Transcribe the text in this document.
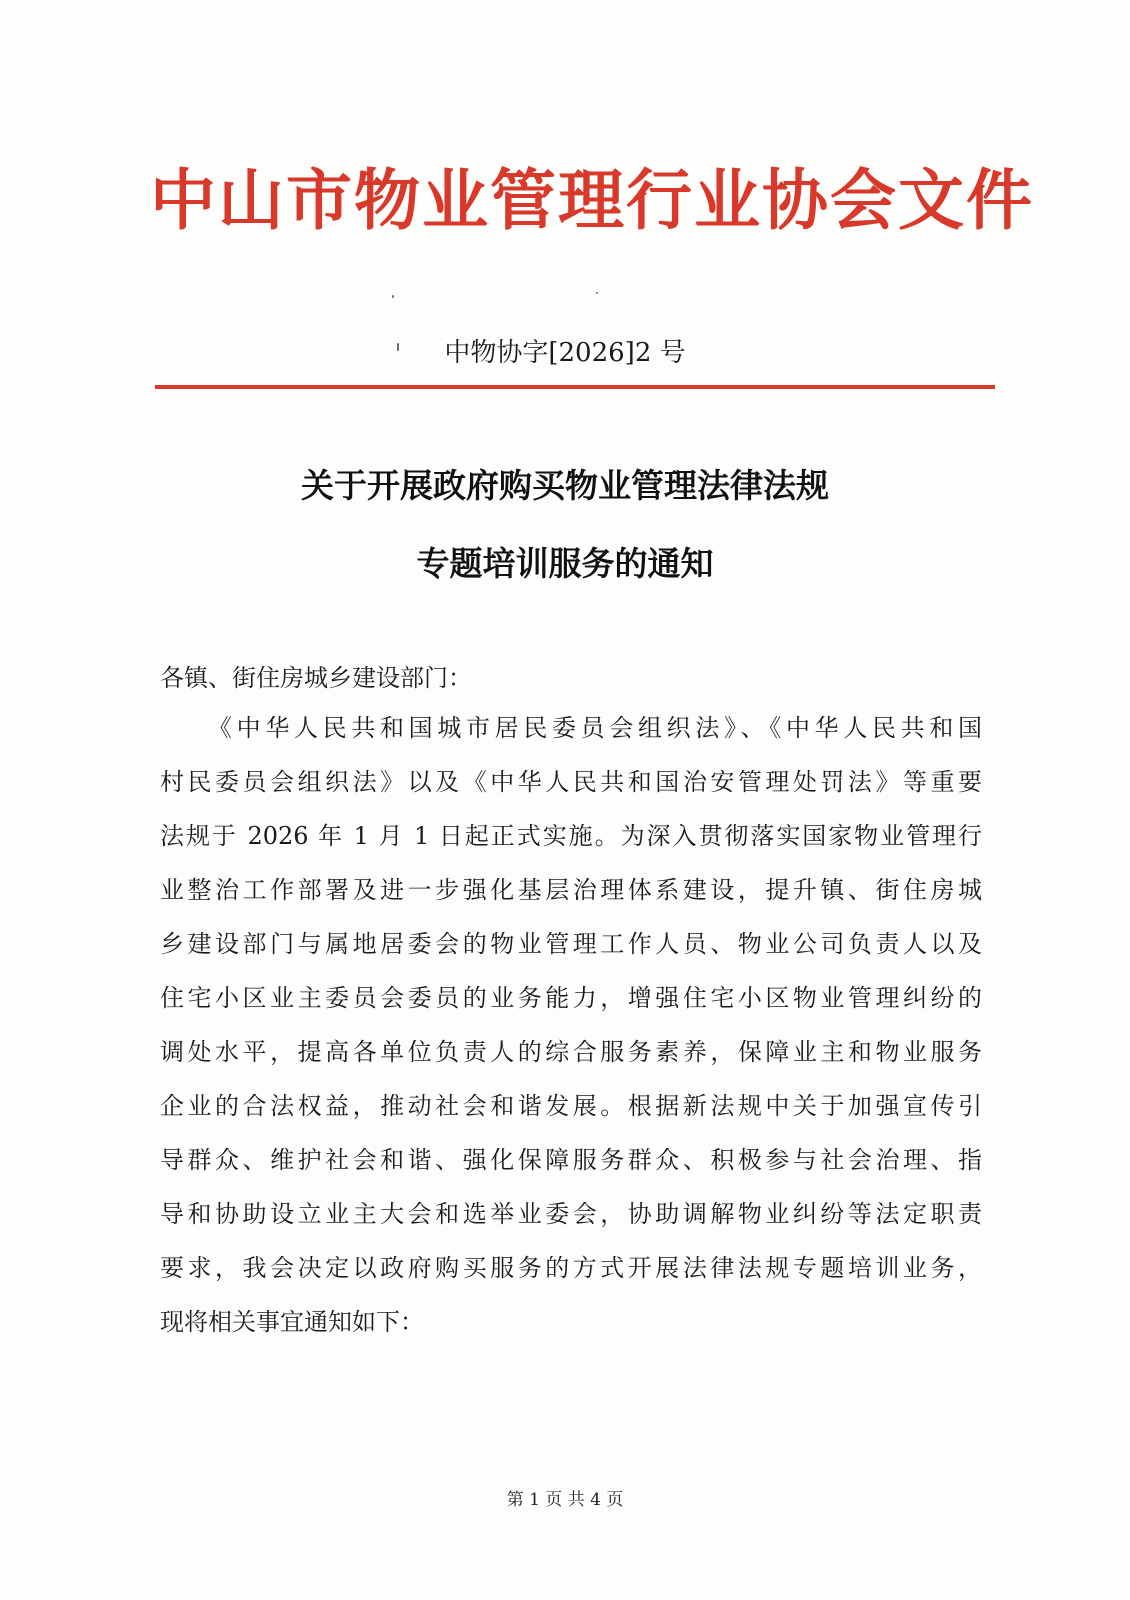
中山市物业管理行业协会文件
中物协字[2026]2 号
关于开展政府购买物业管理法律法规
专题培训服务的通知
各镇、街住房城乡建设部门：
《中华人民共和国城市居民委员会组织法》、《中华人民共和国
村民委员会组织法》以及《中华人民共和国治安管理处罚法》等重要
法规于 2026 年 1 月 1 日起正式实施。为深入贯彻落实国家物业管理行
业整治工作部署及进一步强化基层治理体系建设，提升镇、街住房城
乡建设部门与属地居委会的物业管理工作人员、物业公司负责人以及
住宅小区业主委员会委员的业务能力，增强住宅小区物业管理纠纷的
调处水平，提高各单位负责人的综合服务素养，保障业主和物业服务
企业的合法权益，推动社会和谐发展。根据新法规中关于加强宣传引
导群众、维护社会和谐、强化保障服务群众、积极参与社会治理、指
导和协助设立业主大会和选举业委会，协助调解物业纠纷等法定职责
要求，我会决定以政府购买服务的方式开展法律法规专题培训业务，
现将相关事宜通知如下：
第 1 页 共 4 页
